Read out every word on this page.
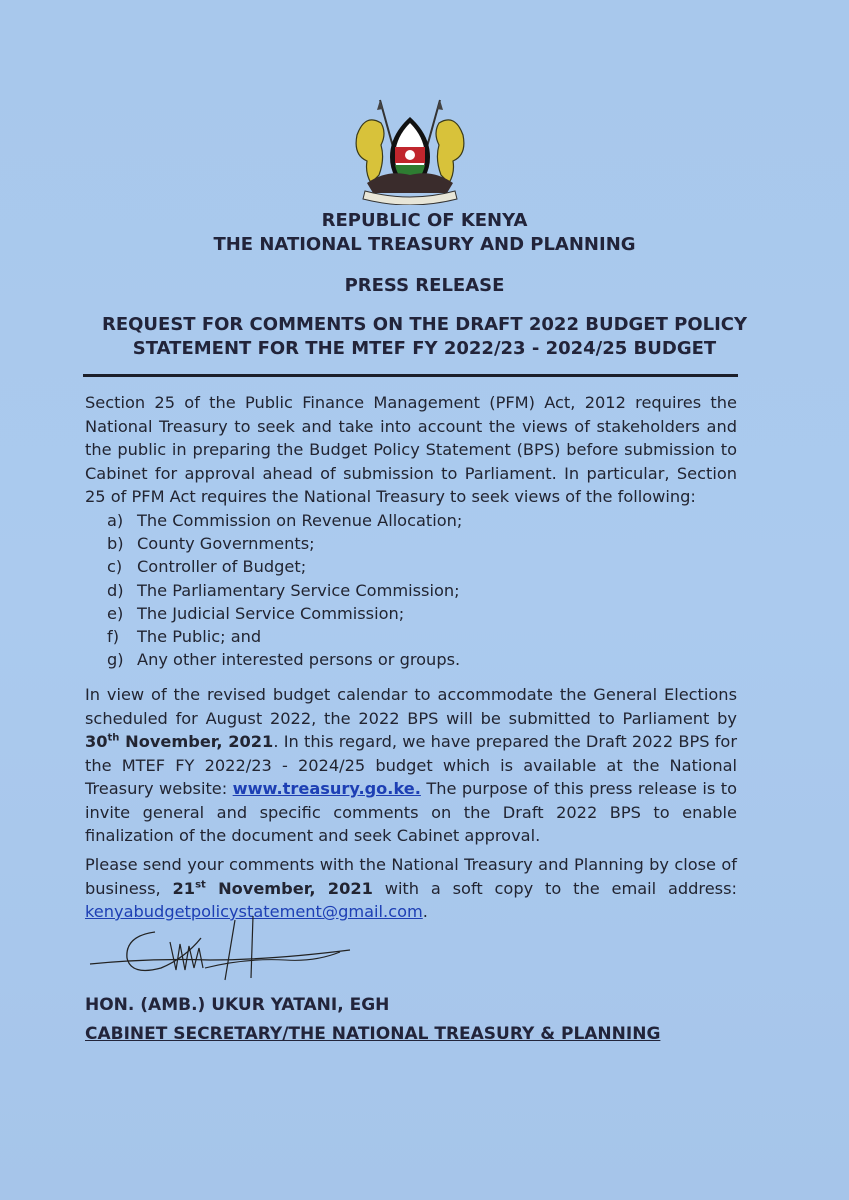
REPUBLIC OF KENYA

THE NATIONAL TREASURY AND PLANNING

PRESS RELEASE

REQUEST FOR COMMENTS ON THE DRAFT 2022 BUDGET POLICY

STATEMENT FOR THE MTEF FY 2022/23 - 2024/25 BUDGET

Section 25 of the Public Finance Management (PFM) Act, 2012 requires the National Treasury to seek and take into account the views of stakeholders and the public in preparing the Budget Policy Statement (BPS) before submission to Cabinet for approval ahead of submission to Parliament. In particular, Section 25 of PFM Act requires the National Treasury to seek views of the following:

a) The Commission on Revenue Allocation;
b) County Governments;
c) Controller of Budget;
d) The Parliamentary Service Commission;
e) The Judicial Service Commission;
f)	The Public; and
g) Any other interested persons or groups.

In view of the revised budget calendar to accommodate the General Elections scheduled for August 2022, the 2022 BPS will be submitted to Parliament by 30th November, 2021. In this regard, we have prepared the Draft 2022 BPS for the MTEF FY 2022/23 - 2024/25 budget which is available at the National Treasury website: www.treasury.go.ke. The purpose of this press release is to invite general and specific comments on the Draft 2022 BPS to enable finalization of the document and seek Cabinet approval.

Please send your comments with the National Treasury and Planning by close of business, 21st November, 2021 with a soft copy to the email address: kenyabudgetpolicystatement@gmail.com.

HON. (AMB.) UKUR YATANI, EGH

CABINET SECRETARY/THE NATIONAL TREASURY & PLANNING
